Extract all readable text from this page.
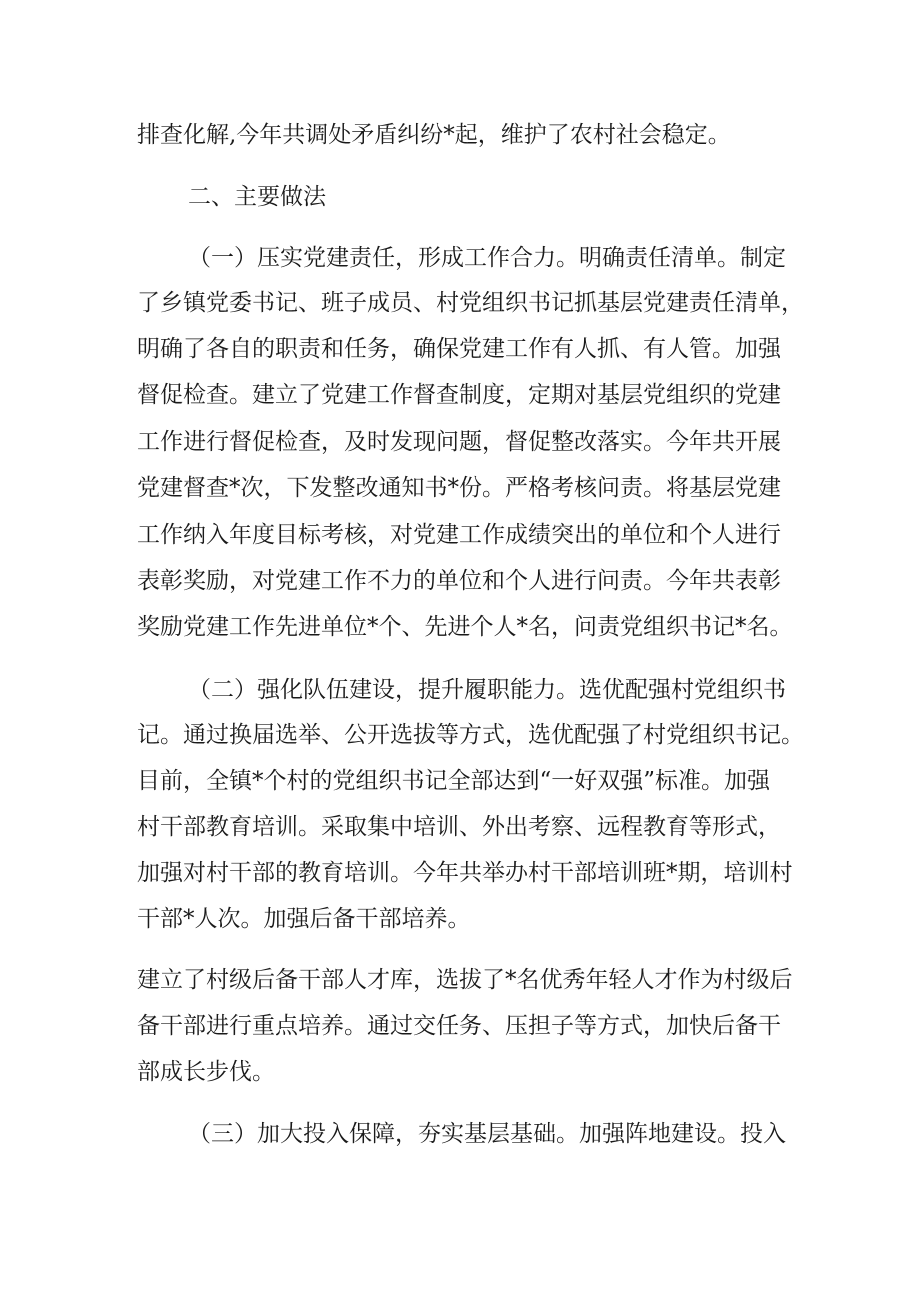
排查化解,今年共调处矛盾纠纷*起，维护了农村社会稳定。
二、主要做法
（一）压实党建责任，形成工作合力。明确责任清单。制定
了乡镇党委书记、班子成员、村党组织书记抓基层党建责任清单，
明确了各自的职责和任务，确保党建工作有人抓、有人管。加强
督促检查。建立了党建工作督查制度，定期对基层党组织的党建
工作进行督促检查，及时发现问题，督促整改落实。今年共开展
党建督查*次，下发整改通知书*份。严格考核问责。将基层党建
工作纳入年度目标考核，对党建工作成绩突出的单位和个人进行
表彰奖励，对党建工作不力的单位和个人进行问责。今年共表彰
奖励党建工作先进单位*个、先进个人*名，问责党组织书记*名。
（二）强化队伍建设，提升履职能力。选优配强村党组织书
记。通过换届选举、公开选拔等方式，选优配强了村党组织书记。
目前，全镇*个村的党组织书记全部达到“一好双强”标准。加强
村干部教育培训。采取集中培训、外出考察、远程教育等形式，
加强对村干部的教育培训。今年共举办村干部培训班*期，培训村
干部*人次。加强后备干部培养。
建立了村级后备干部人才库，选拔了*名优秀年轻人才作为村级后
备干部进行重点培养。通过交任务、压担子等方式，加快后备干
部成长步伐。
（三）加大投入保障，夯实基层基础。加强阵地建设。投入
